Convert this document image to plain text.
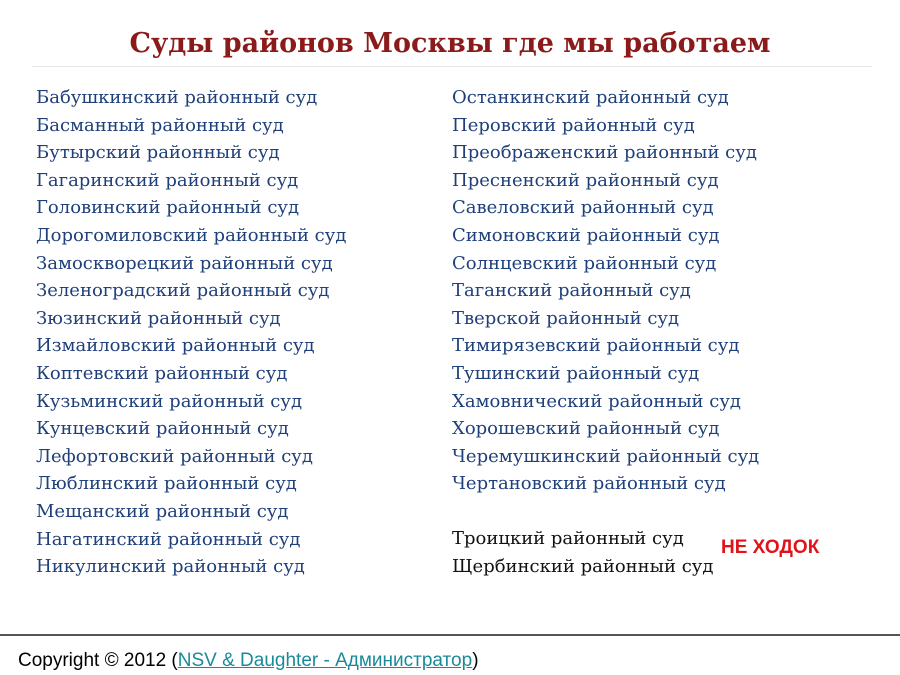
Суды районов Москвы где мы работаем
Бабушкинский районный суд
Басманный районный суд
Бутырский районный суд
Гагаринский районный суд
Головинский районный суд
Дорогомиловский районный суд
Замоскворецкий районный суд
Зеленоградский районный суд
Зюзинский районный суд
Измайловский районный суд
Коптевский районный суд
Кузьминский районный суд
Кунцевский районный суд
Лефортовский районный суд
Люблинский районный суд
Мещанский районный суд
Нагатинский районный суд
Никулинский районный суд
Останкинский районный суд
Перовский районный суд
Преображенский районный суд
Пресненский районный суд
Савеловский районный суд
Симоновский районный суд
Солнцевский районный суд
Таганский районный суд
Тверской районный суд
Тимирязевский районный суд
Тушинский районный суд
Хамовнический районный суд
Хорошевский районный суд
Черемушкинский районный суд
Чертановский районный суд
Троицкий районный суд
Щербинский районный суд
НЕ ХОДОК
Copyright © 2012 (NSV & Daughter - Администратор)
